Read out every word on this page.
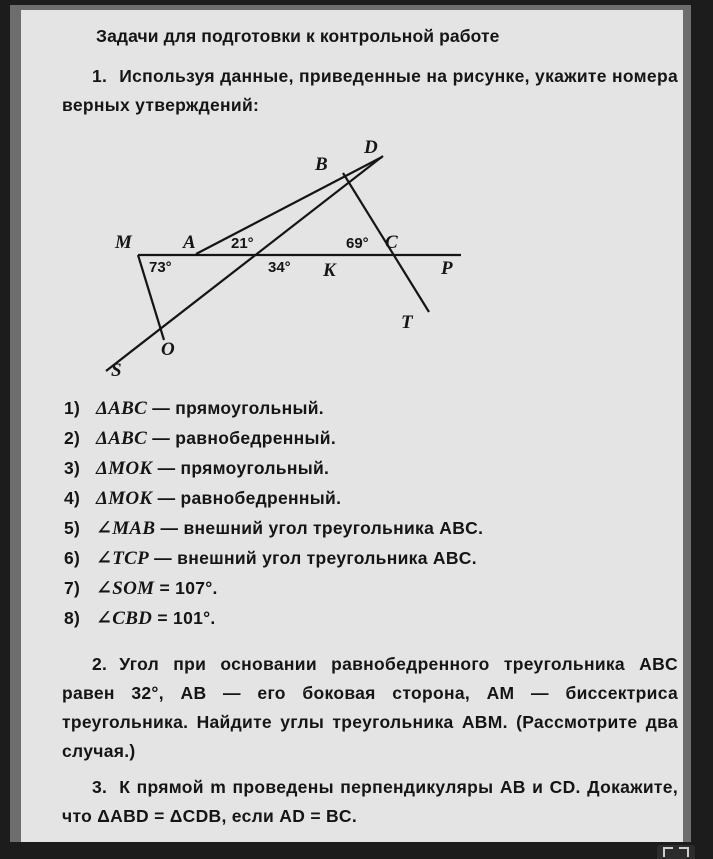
Задачи для подготовки к контрольной работе
1. Используя данные, приведенные на рисунке, укажите номера верных утверждений:
D
B
M	A	C
K	P
T
O
S
21°	69°
73°	34°
1) ΔABC — прямоугольный.
2) ΔABC — равнобедренный.
3) ΔMOK — прямоугольный.
4) ΔMOK — равнобедренный.
5) ∠MAB — внешний угол треугольника ABC.
6) ∠TCP — внешний угол треугольника ABC.
7) ∠SOM = 107°.
8) ∠CBD = 101°.
2. Угол при основании равнобедренного треугольника ABC равен 32°, AB — его боковая сторона, AM — биссектриса треугольника. Найдите углы треугольника ABM. (Рассмотрите два случая.)
3. К прямой m проведены перпендикуляры AB и CD. Докажите, что ΔABD = ΔCDB, если AD = BC.
